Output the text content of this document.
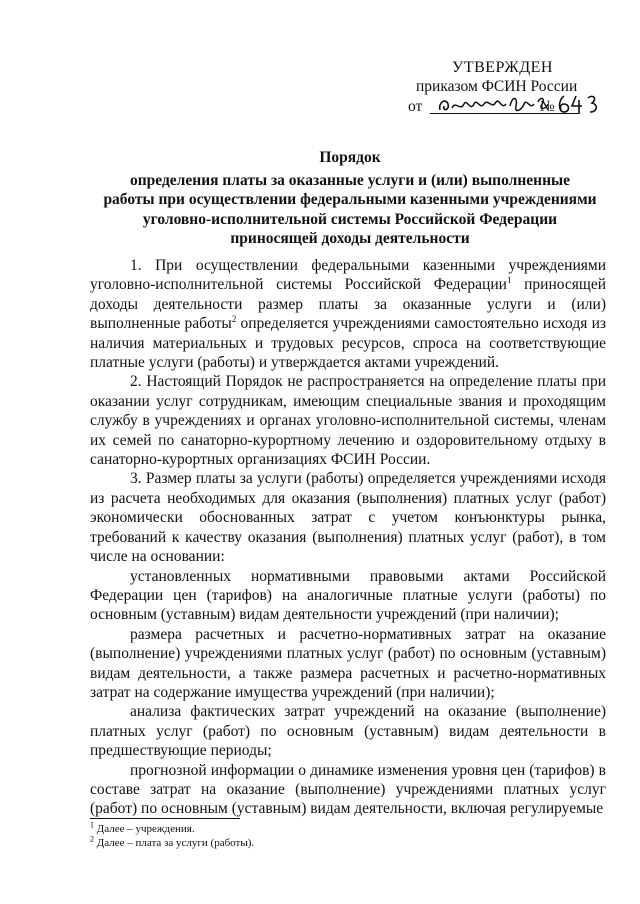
УТВЕРЖДЕН
приказом ФСИН России
от	№
Порядок
определения платы за оказанные услуги и (или) выполненные
работы при осуществлении федеральными казенными учреждениями
уголовно-исполнительной системы Российской Федерации
приносящей доходы деятельности

1. При осуществлении федеральными казенными учреждениями уголовно-исполнительной системы Российской Федерации$^1$ приносящей доходы деятельности размер платы за оказанные услуги и (или) выполненные работы$^2$ определяется учреждениями самостоятельно исходя из наличия материальных и трудовых ресурсов, спроса на соответствующие платные услуги (работы) и утверждается актами учреждений.

2. Настоящий Порядок не распространяется на определение платы при оказании услуг сотрудникам, имеющим специальные звания и проходящим службу в учреждениях и органах уголовно-исполнительной системы, членам их семей по санаторно-курортному лечению и оздоровительному отдыху в санаторно-курортных организациях ФСИН России.

3. Размер платы за услуги (работы) определяется учреждениями исходя из расчета необходимых для оказания (выполнения) платных услуг (работ) экономически обоснованных затрат с учетом конъюнктуры рынка, требований к качеству оказания (выполнения) платных услуг (работ), в том числе на основании:

установленных нормативными правовыми актами Российской Федерации цен (тарифов) на аналогичные платные услуги (работы) по основным (уставным) видам деятельности учреждений (при наличии);

размера расчетных и расчетно-нормативных затрат на оказание (выполнение) учреждениями платных услуг (работ) по основным (уставным) видам деятельности, а также размера расчетных и расчетно-нормативных затрат на содержание имущества учреждений (при наличии);

анализа фактических затрат учреждений на оказание (выполнение) платных услуг (работ) по основным (уставным) видам деятельности в предшествующие периоды;

прогнозной информации о динамике изменения уровня цен (тарифов) в составе затрат на оказание (выполнение) учреждениями платных услуг (работ) по основным (уставным) видам деятельности, включая регулируемые

$^1$ Далее – учреждения.
$^2$ Далее – плата за услуги (работы).
